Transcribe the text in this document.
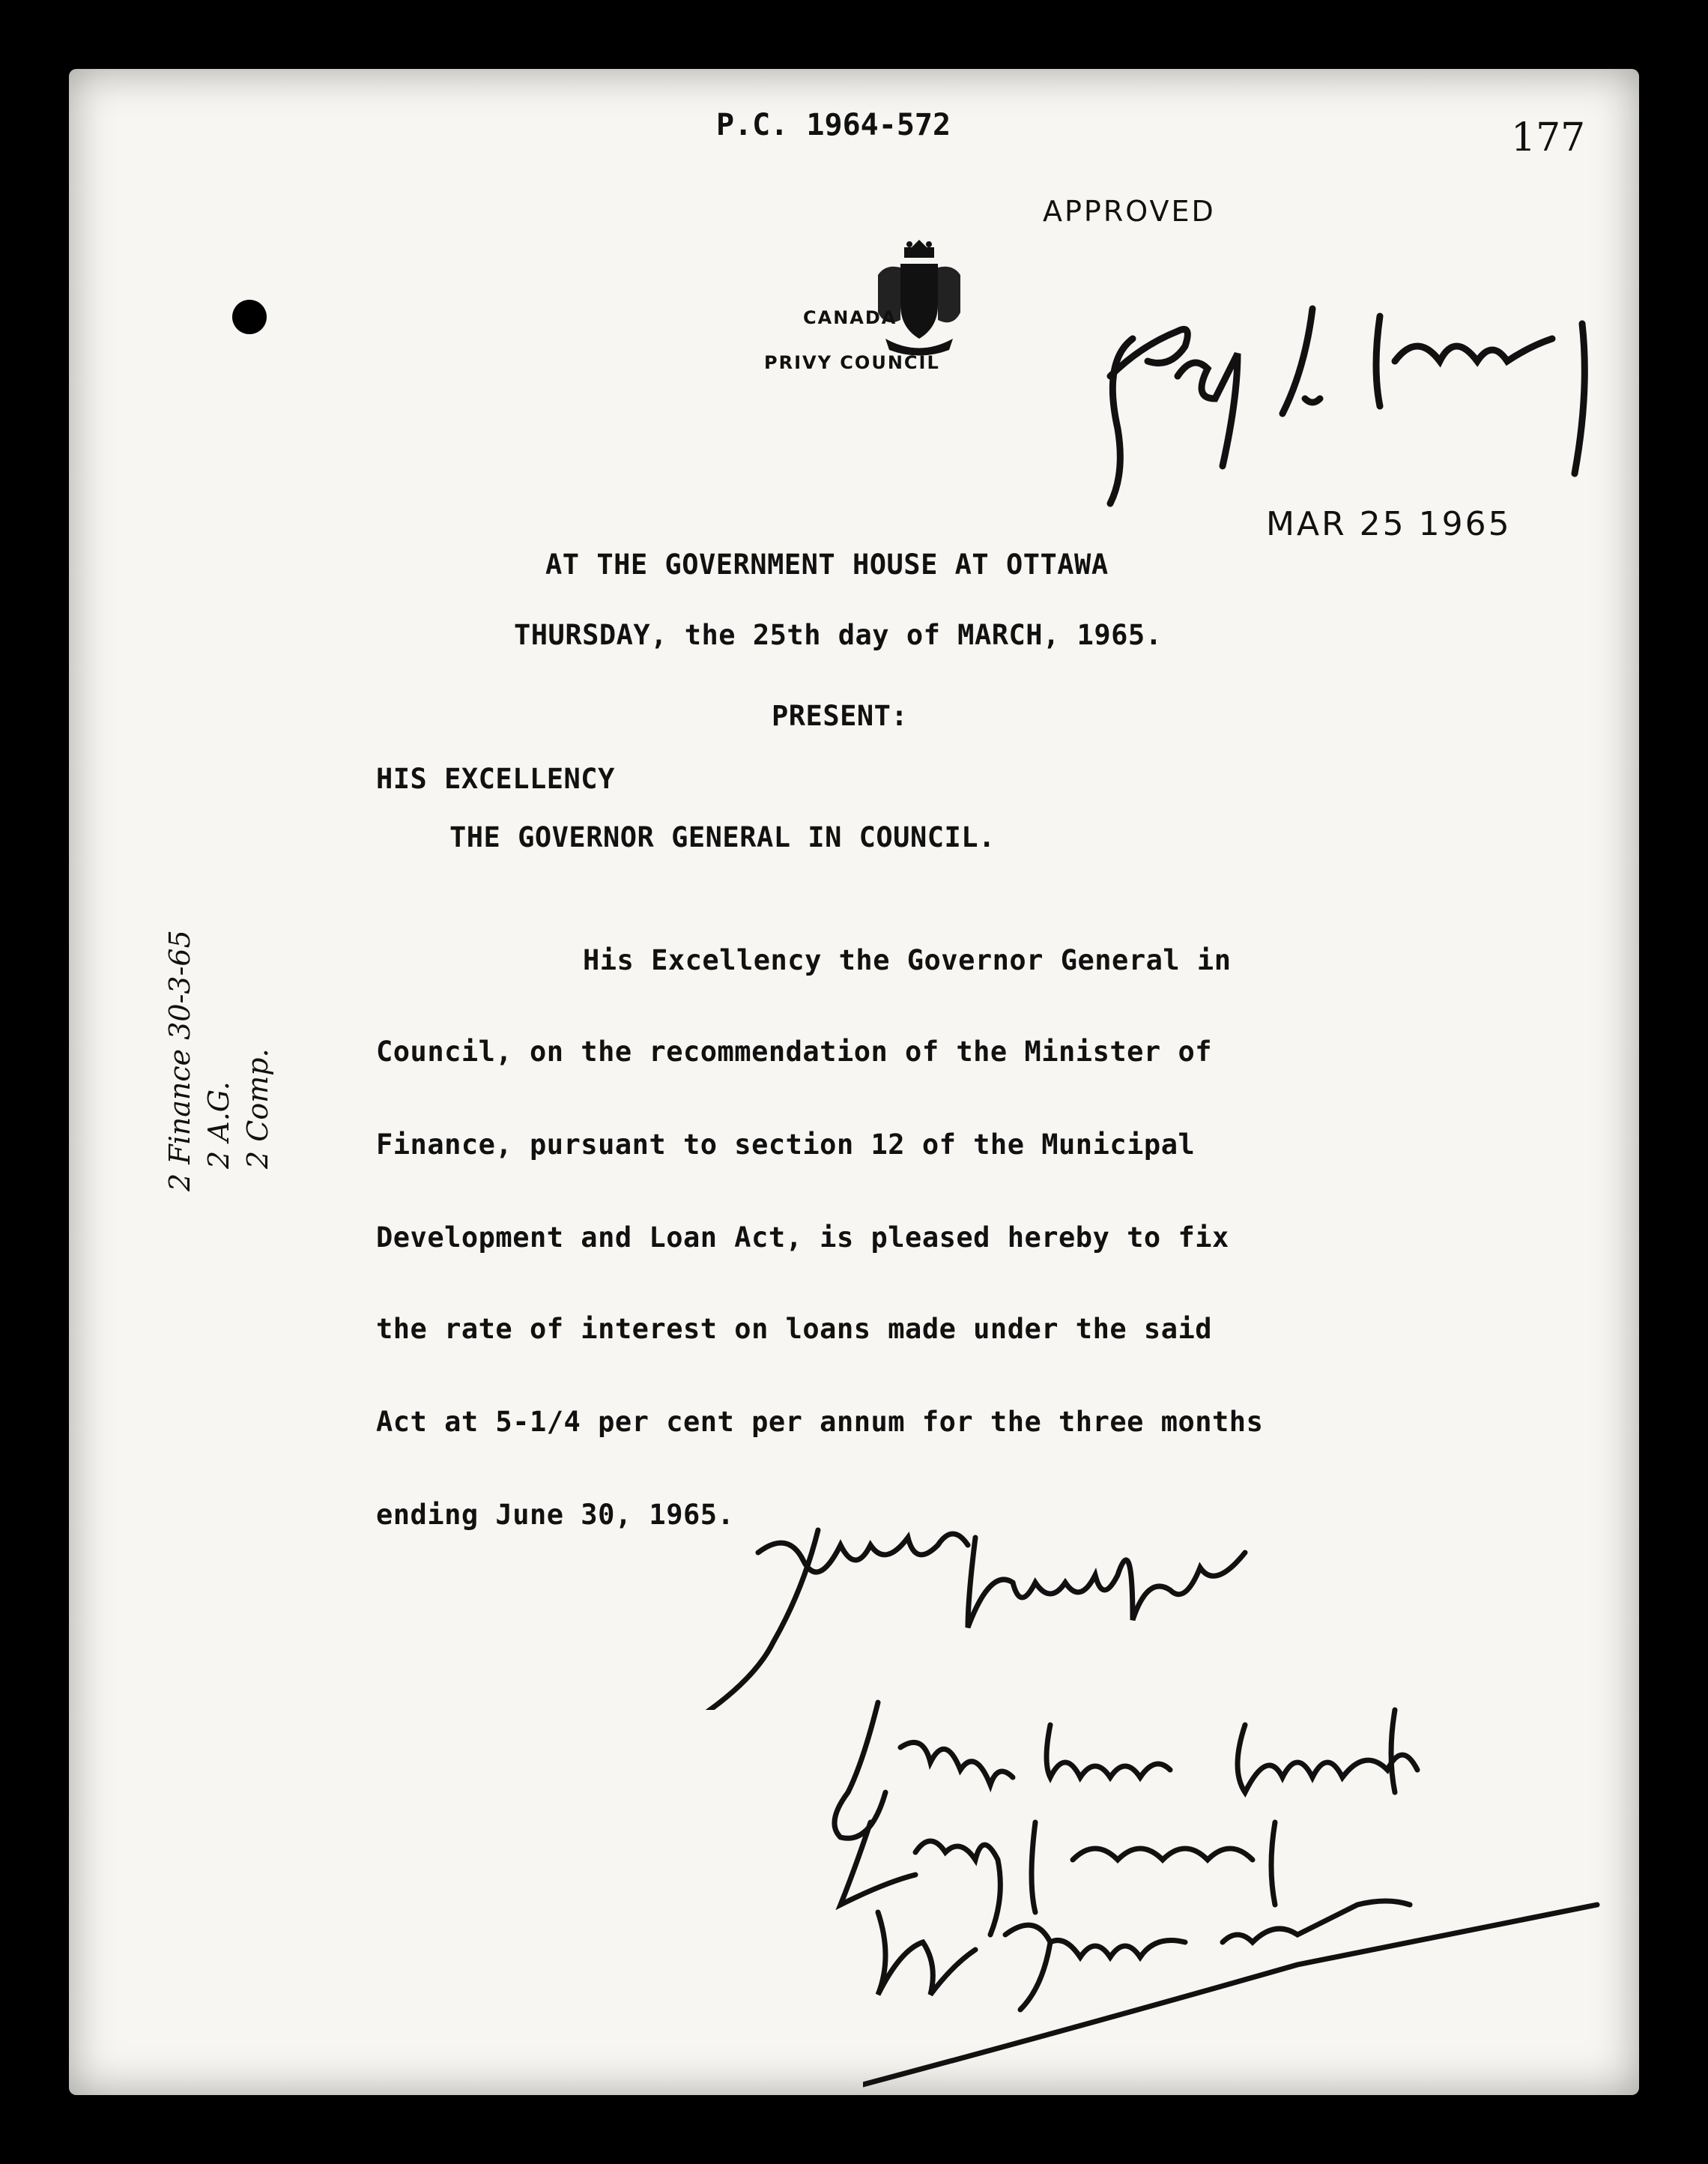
P.C. 1964-572	177
CANADA
PRIVY COUNCIL
APPROVED
MAR 25 1965
AT THE GOVERNMENT HOUSE AT OTTAWA
THURSDAY, the 25th day of MARCH, 1965.
PRESENT:
HIS EXCELLENCY
THE GOVERNOR GENERAL IN COUNCIL.
His Excellency the Governor General in
Council, on the recommendation of the Minister of
Finance, pursuant to section 12 of the Municipal
Development and Loan Act, is pleased hereby to fix
the rate of interest on loans made under the said
Act at 5-1/4 per cent per annum for the three months
ending June 30, 1965.
2 Finance 30-3-65 2 A.G. 2 Comp.
